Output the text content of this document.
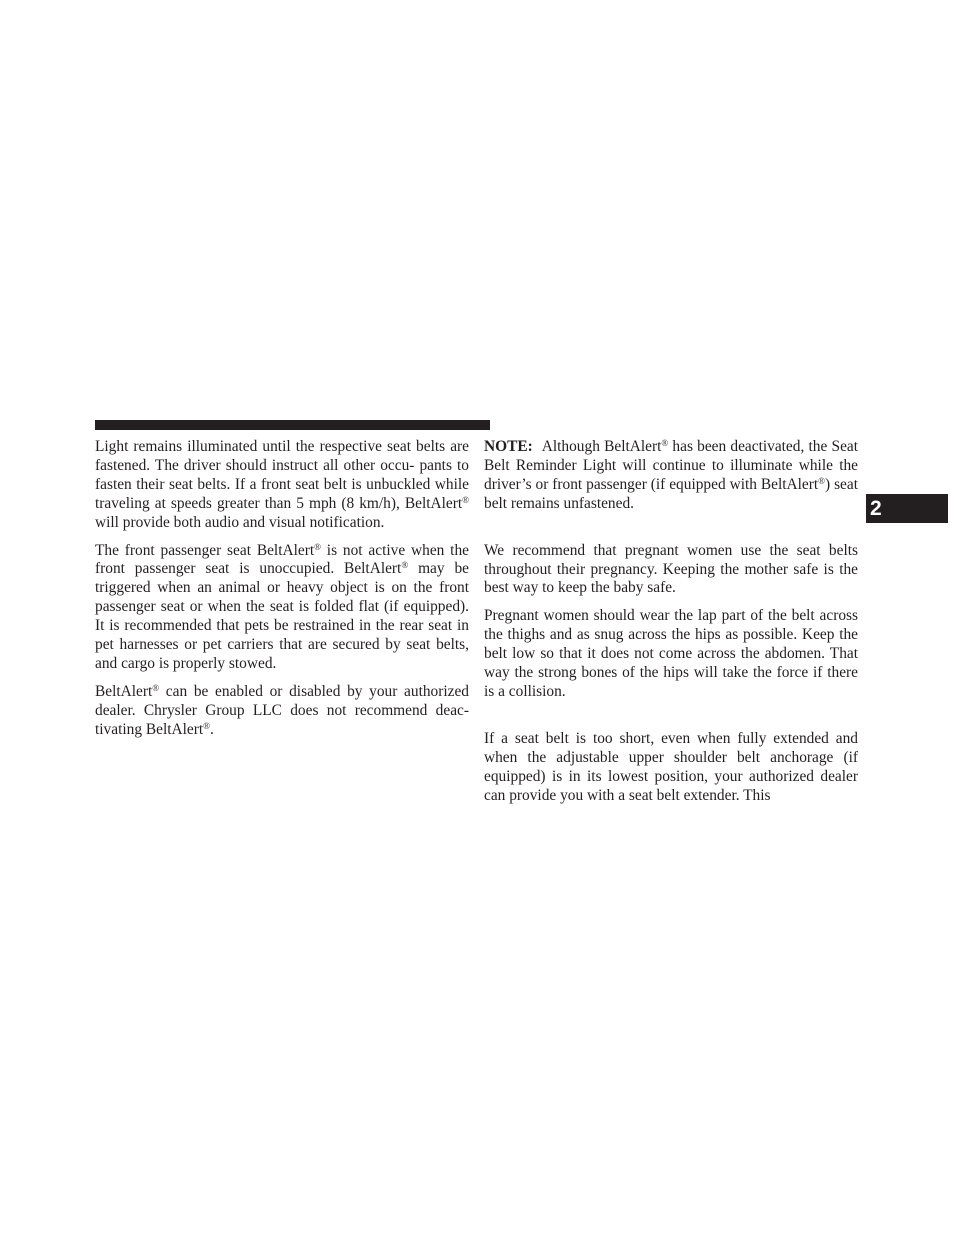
Light remains illuminated until the respective seat belts are fastened. The driver should instruct all other occu- pants to fasten their seat belts. If a front seat belt is unbuckled while traveling at speeds greater than 5 mph (8 km/h), BeltAlert® will provide both audio and visual notification.

The front passenger seat BeltAlert® is not active when the front passenger seat is unoccupied. BeltAlert® may be triggered when an animal or heavy object is on the front passenger seat or when the seat is folded flat (if equipped). It is recommended that pets be restrained in the rear seat in pet harnesses or pet carriers that are secured by seat belts, and cargo is properly stowed.

BeltAlert® can be enabled or disabled by your authorized dealer. Chrysler Group LLC does not recommend deac- tivating BeltAlert®.

NOTE: Although BeltAlert® has been deactivated, the Seat Belt Reminder Light will continue to illuminate while the driver’s or front passenger (if equipped with BeltAlert®) seat belt remains unfastened.

We recommend that pregnant women use the seat belts throughout their pregnancy. Keeping the mother safe is the best way to keep the baby safe.

Pregnant women should wear the lap part of the belt across the thighs and as snug across the hips as possible. Keep the belt low so that it does not come across the abdomen. That way the strong bones of the hips will take the force if there is a collision.

If a seat belt is too short, even when fully extended and when the adjustable upper shoulder belt anchorage (if equipped) is in its lowest position, your authorized dealer can provide you with a seat belt extender. This

2
